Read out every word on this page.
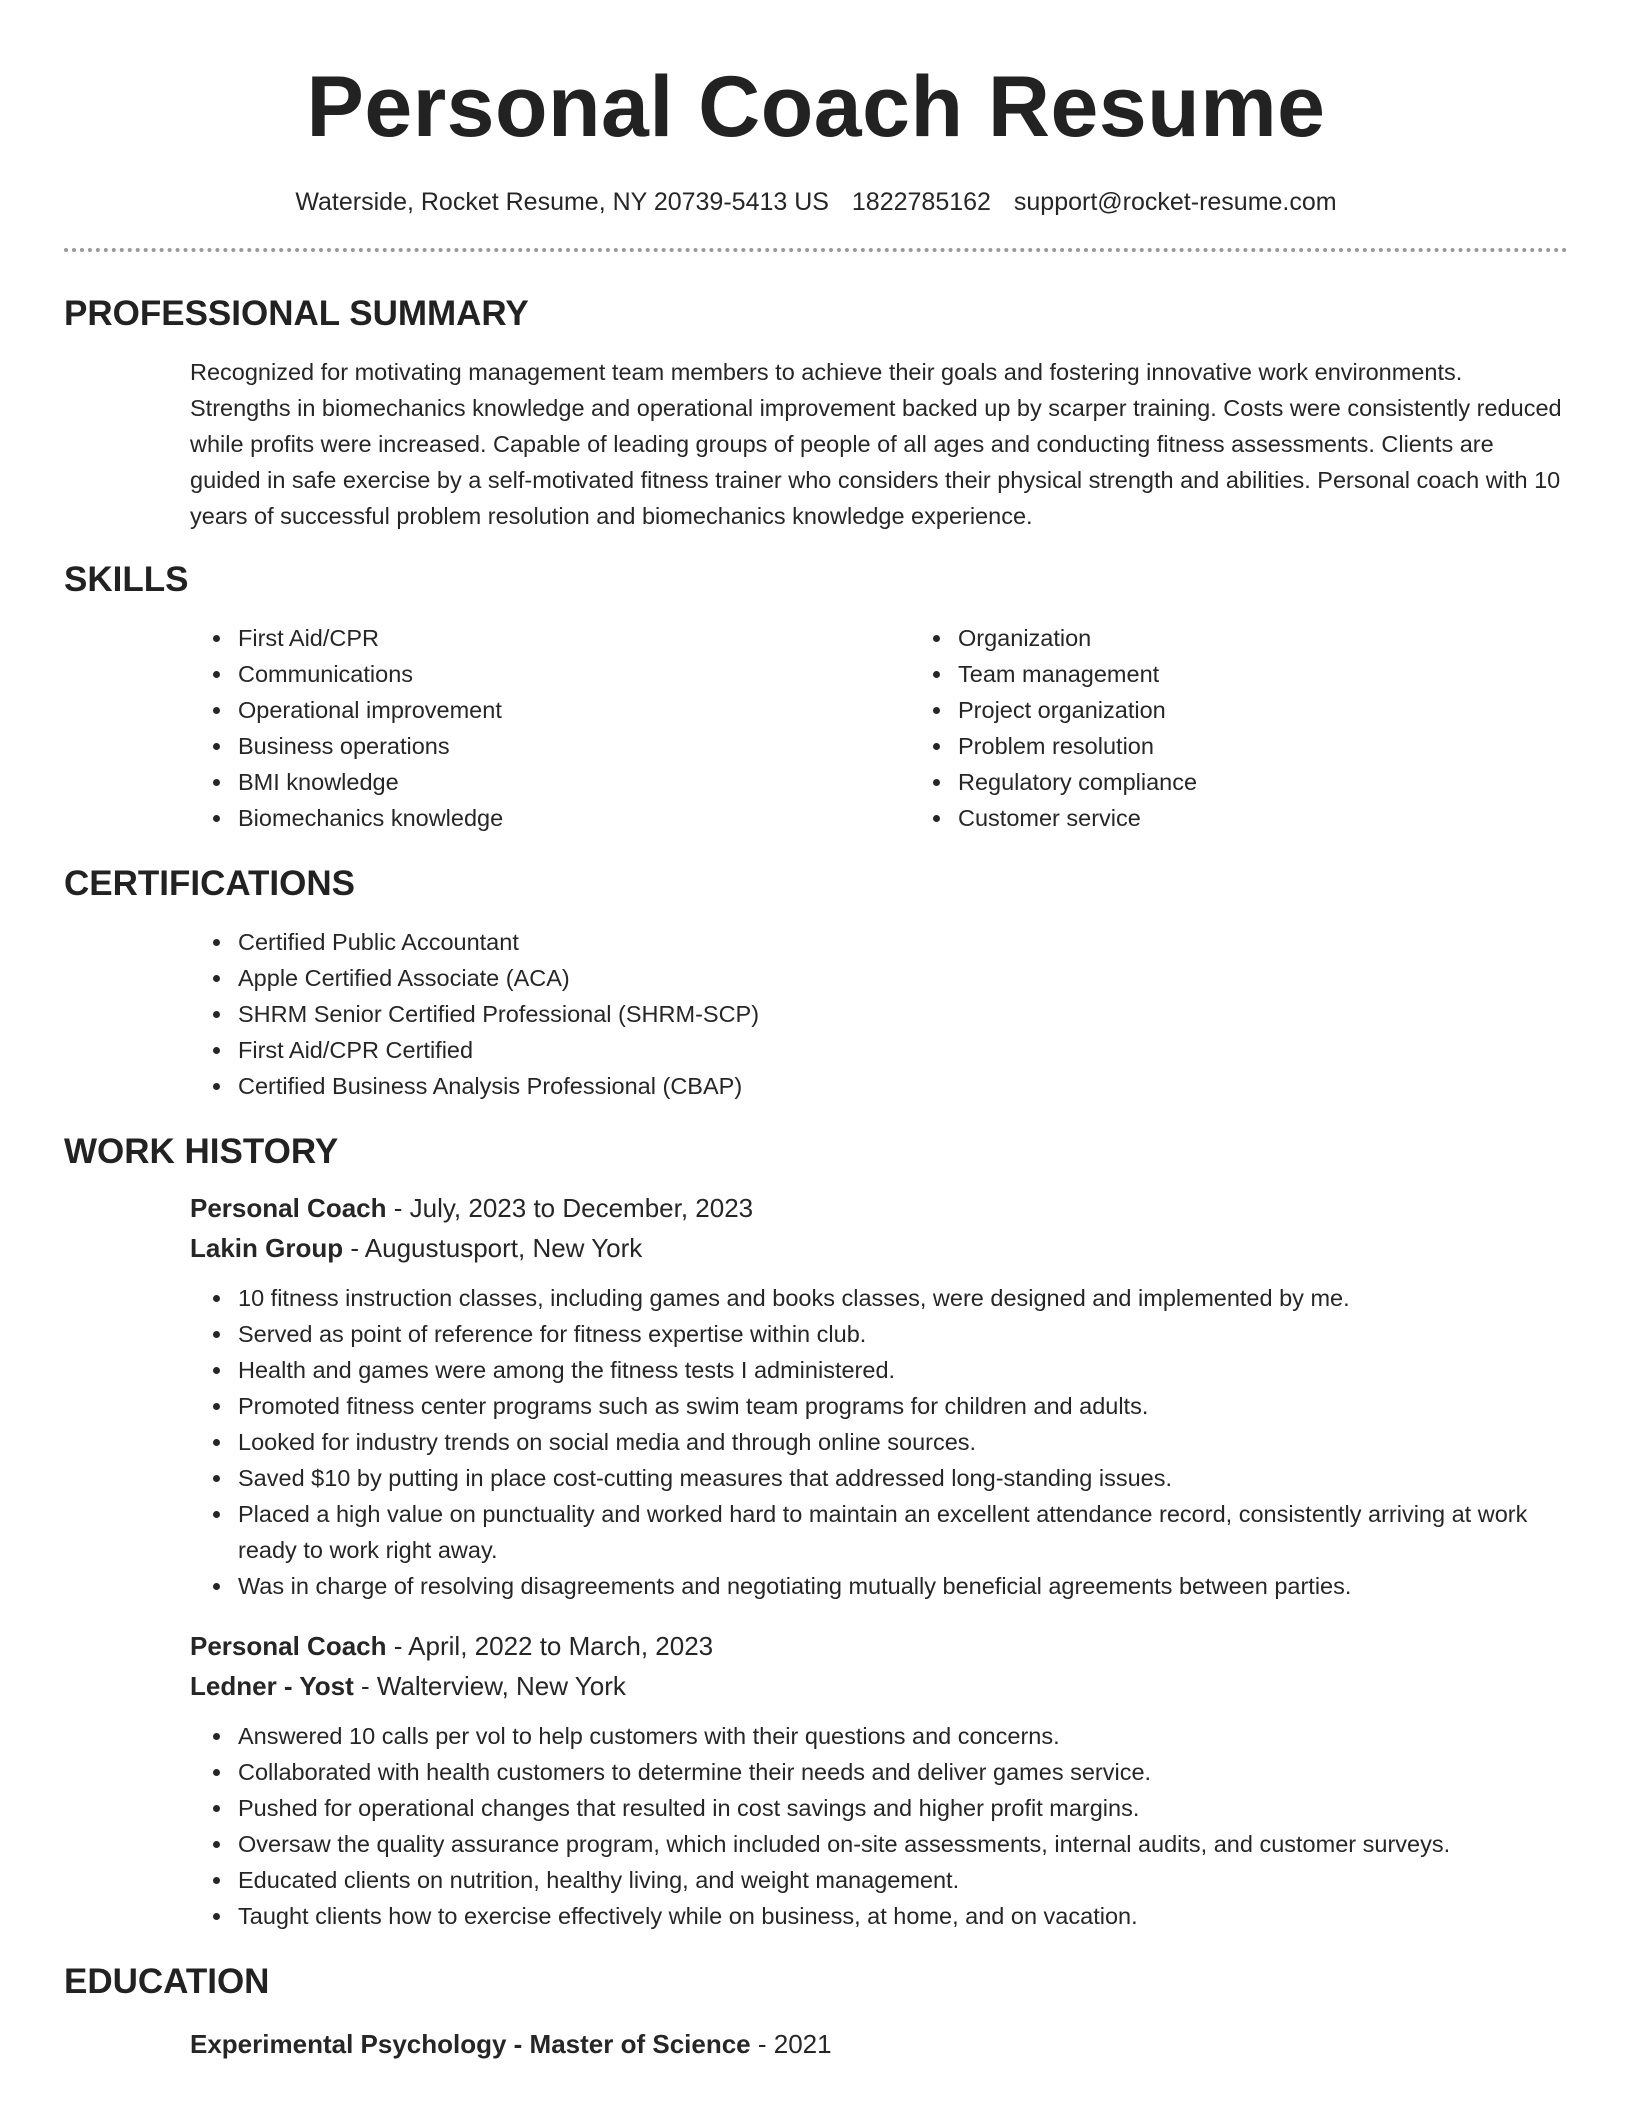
Personal Coach Resume
Waterside, Rocket Resume, NY 20739-5413 US 1822785162 support@rocket-resume.com
PROFESSIONAL SUMMARY

Recognized for motivating management team members to achieve their goals and fostering innovative work environments. Strengths in biomechanics knowledge and operational improvement backed up by scarper training. Costs were consistently reduced while profits were increased. Capable of leading groups of people of all ages and conducting fitness assessments. Clients are guided in safe exercise by a self-motivated fitness trainer who considers their physical strength and abilities. Personal coach with 10 years of successful problem resolution and biomechanics knowledge experience.

SKILLS
• First Aid/CPR
• Communications
• Operational improvement
• Business operations
• BMI knowledge
• Biomechanics knowledge
• Organization
• Team management
• Project organization
• Problem resolution
• Regulatory compliance
• Customer service
CERTIFICATIONS
• Certified Public Accountant
• Apple Certified Associate (ACA)
• SHRM Senior Certified Professional (SHRM-SCP)
• First Aid/CPR Certified
• Certified Business Analysis Professional (CBAP)
WORK HISTORY
Personal Coach - July, 2023 to December, 2023
Lakin Group - Augustusport, New York
• 10 fitness instruction classes, including games and books classes, were designed and implemented by me.
• Served as point of reference for fitness expertise within club.
• Health and games were among the fitness tests I administered.
• Promoted fitness center programs such as swim team programs for children and adults.
• Looked for industry trends on social media and through online sources.
• Saved $10 by putting in place cost-cutting measures that addressed long-standing issues.
• Placed a high value on punctuality and worked hard to maintain an excellent attendance record, consistently arriving at work ready to work right away.
• Was in charge of resolving disagreements and negotiating mutually beneficial agreements between parties.
Personal Coach - April, 2022 to March, 2023
Ledner - Yost - Walterview, New York
• Answered 10 calls per vol to help customers with their questions and concerns.
• Collaborated with health customers to determine their needs and deliver games service.
• Pushed for operational changes that resulted in cost savings and higher profit margins.
• Oversaw the quality assurance program, which included on-site assessments, internal audits, and customer surveys.
• Educated clients on nutrition, healthy living, and weight management.
• Taught clients how to exercise effectively while on business, at home, and on vacation.
EDUCATION
Experimental Psychology - Master of Science - 2021
